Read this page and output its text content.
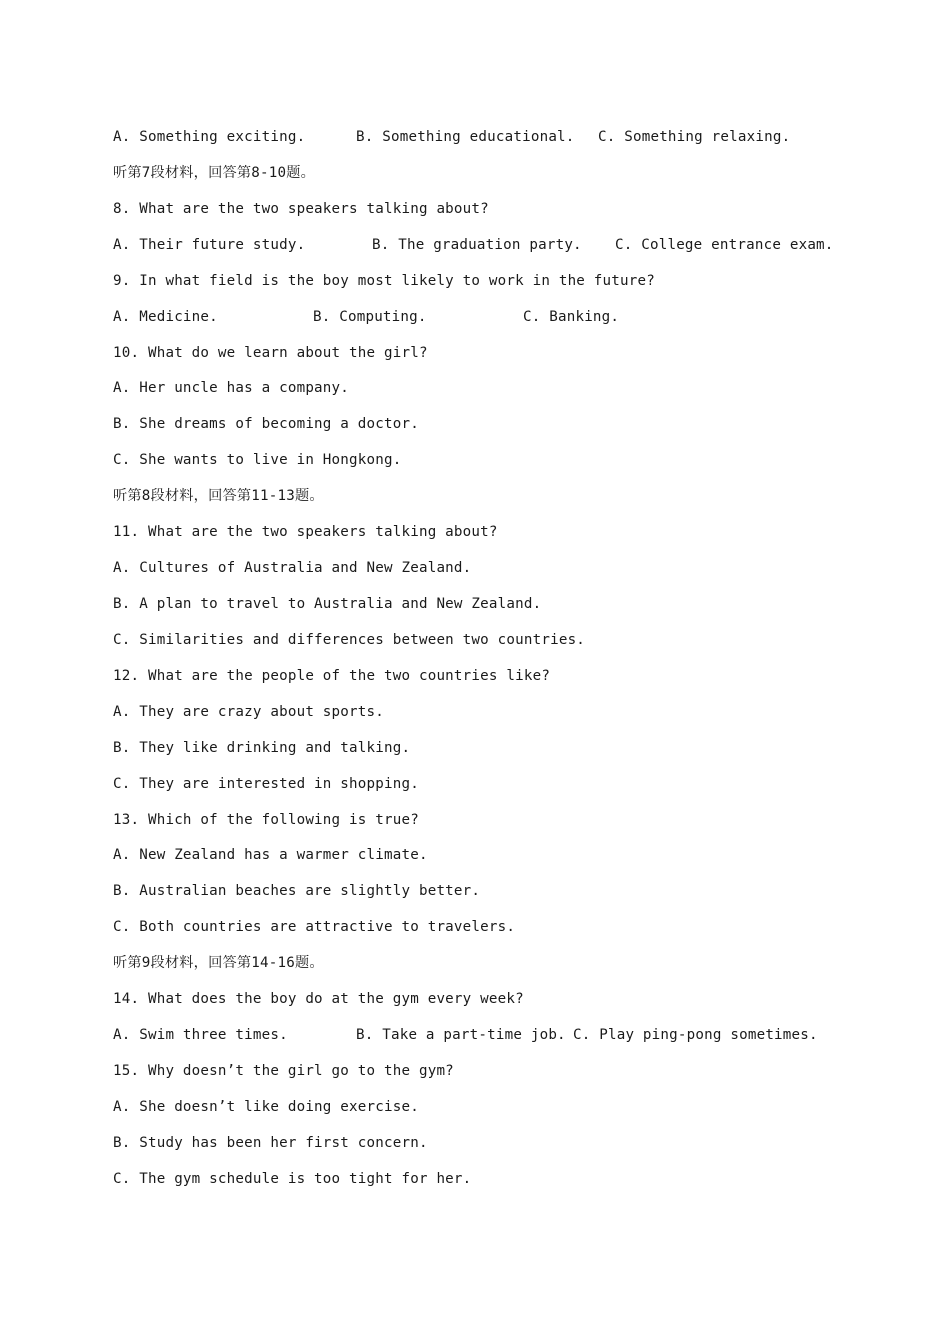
A. Something exciting.	B. Something educational. C. Something relaxing.
听第7段材料，回答第8-10题。
8. What are the two speakers talking about?
A. Their future study.	B. The graduation party. C. College entrance exam.
9. In what field is the boy most likely to work in the future?
A. Medicine.	B. Computing.	C. Banking.
10. What do we learn about the girl?
A. Her uncle has a company.
B. She dreams of becoming a doctor.
C. She wants to live in Hongkong.
听第8段材料，回答第11-13题。
11. What are the two speakers talking about?
A. Cultures of Australia and New Zealand.
B. A plan to travel to Australia and New Zealand.
C. Similarities and differences between two countries.
12. What are the people of the two countries like?
A. They are crazy about sports.
B. They like drinking and talking.
C. They are interested in shopping.
13. Which of the following is true?
A. New Zealand has a warmer climate.
B. Australian beaches are slightly better.
C. Both countries are attractive to travelers.
听第9段材料，回答第14-16题。
14. What does the boy do at the gym every week?
A. Swim three times.	B. Take a part-time job. C. Play ping-pong sometimes.
15. Why doesn’t the girl go to the gym?
A. She doesn’t like doing exercise.
B. Study has been her first concern.
C. The gym schedule is too tight for her.
